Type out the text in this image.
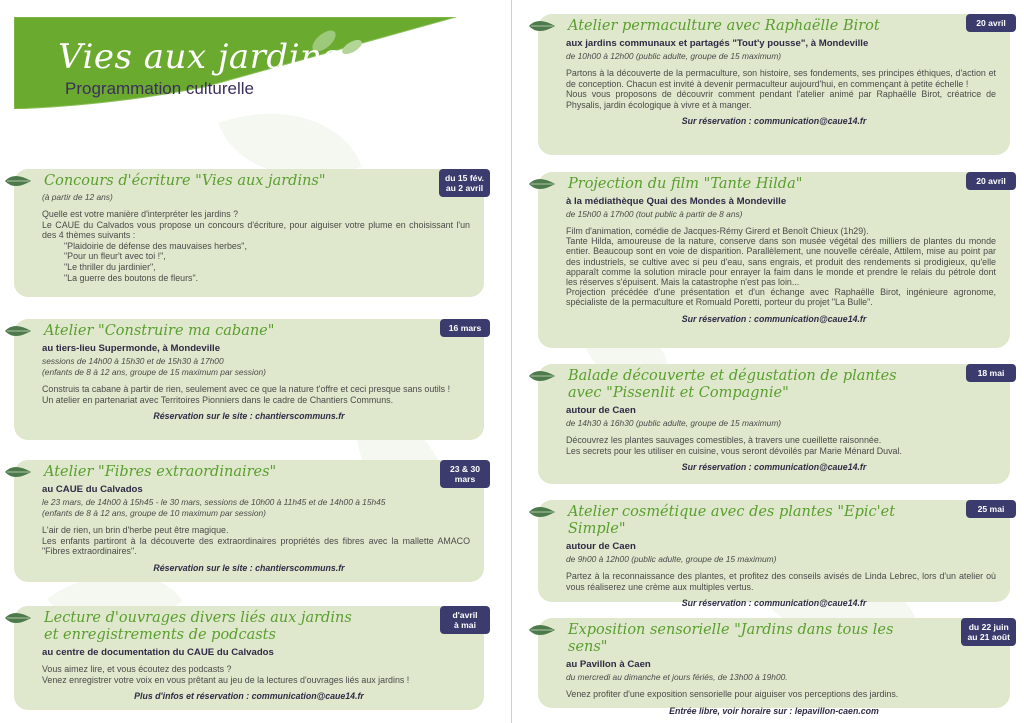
Vies aux jardins
Programmation culturelle
Concours d'écriture "Vies aux jardins"	du 15 fév.
au 2 avril
(à partir de 12 ans)
Quelle est votre manière d'interpréter les jardins ?
Le CAUE du Calvados vous propose un concours d'écriture, pour aiguiser votre plume en choisissant l'un des 4 thèmes suivants :
"Plaidoirie de défense des mauvaises herbes",
"Pour un fleur't avec toi !",
"Le thriller du jardinier",
"La guerre des boutons de fleurs".
Atelier "Construire ma cabane"	16 mars
au tiers-lieu Supermonde, à Mondeville
sessions de 14h00 à 15h30 et de 15h30 à 17h00
(enfants de 8 à 12 ans, groupe de 15 maximum par session)
Construis ta cabane à partir de rien, seulement avec ce que la nature t'offre et ceci presque sans outils !
Un atelier en partenariat avec Territoires Pionniers dans le cadre de Chantiers Communs.
Réservation sur le site : chantierscommuns.fr
Atelier "Fibres extraordinaires"	23 & 30
mars
au CAUE du Calvados
le 23 mars, de 14h00 à 15h45 - le 30 mars, sessions de 10h00 à 11h45 et de 14h00 à 15h45
(enfants de 8 à 12 ans, groupe de 10 maximum par session)
L'air de rien, un brin d'herbe peut être magique.
Les enfants partiront à la découverte des extraordinaires propriétés des fibres avec la mallette AMACO "Fibres extraordinaires".
Réservation sur le site : chantierscommuns.fr
Lecture d'ouvrages divers liés aux jardins
et enregistrements de podcasts
d'avril
à mai
au centre de documentation du CAUE du Calvados
Vous aimez lire, et vous écoutez des podcasts ?
Venez enregistrer votre voix en vous prêtant au jeu de la lectures d'ouvrages liés aux jardins !
Plus d'infos et réservation : communication@caue14.fr
Atelier permaculture avec Raphaëlle Birot	20 avril
aux jardins communaux et partagés "Tout'y pousse", à Mondeville
de 10h00 à 12h00 (public adulte, groupe de 15 maximum)
Partons à la découverte de la permaculture, son histoire, ses fondements, ses principes éthiques, d'action et de conception. Chacun est invité à devenir permaculteur aujourd'hui, en commençant à petite échelle !
Nous vous proposons de découvrir comment pendant l'atelier animé par Raphaëlle Birot, créatrice de Physalis, jardin écologique à vivre et à manger.
Sur réservation : communication@caue14.fr
Projection du film "Tante Hilda"	20 avril
à la médiathèque Quai des Mondes à Mondeville
de 15h00 à 17h00 (tout public à partir de 8 ans)
Film d'animation, comédie de Jacques-Rémy Girerd et Benoît Chieux (1h29).
Tante Hilda, amoureuse de la nature, conserve dans son musée végétal des milliers de plantes du monde entier. Beaucoup sont en voie de disparition. Parallèlement, une nouvelle céréale, Attilem, mise au point par des industriels, se cultive avec si peu d'eau, sans engrais, et produit des rendements si prodigieux, qu'elle apparaît comme la solution miracle pour enrayer la faim dans le monde et prendre le relais du pétrole dont les réserves s'épuisent. Mais la catastrophe n'est pas loin...
Projection précédée d'une présentation et d'un échange avec Raphaëlle Birot, ingénieure agronome, spécialiste de la permaculture et Romuald Poretti, porteur du projet "La Bulle".
Sur réservation : communication@caue14.fr
Balade découverte et dégustation de plantes
avec "Pissenlit et Compagnie"
18 mai
autour de Caen
de 14h30 à 16h30 (public adulte, groupe de 15 maximum)
Découvrez les plantes sauvages comestibles, à travers une cueillette raisonnée.
Les secrets pour les utiliser en cuisine, vous seront dévoilés par Marie Ménard Duval.
Sur réservation : communication@caue14.fr
Atelier cosmétique avec des plantes "Epic'et Simple"
25 mai
autour de Caen
de 9h00 à 12h00 (public adulte, groupe de 15 maximum)
Partez à la reconnaissance des plantes, et profitez des conseils avisés de Linda Lebrec, lors d'un atelier où vous réaliserez une crème aux multiples vertus.
Sur réservation : communication@caue14.fr
Exposition sensorielle "Jardins dans tous les sens"
du 22 juin
au 21 août
au Pavillon à Caen
du mercredi au dimanche et jours fériés, de 13h00 à 19h00.
Venez profiter d'une exposition sensorielle pour aiguiser vos perceptions des jardins.
Entrée libre, voir horaire sur : lepavillon-caen.com
